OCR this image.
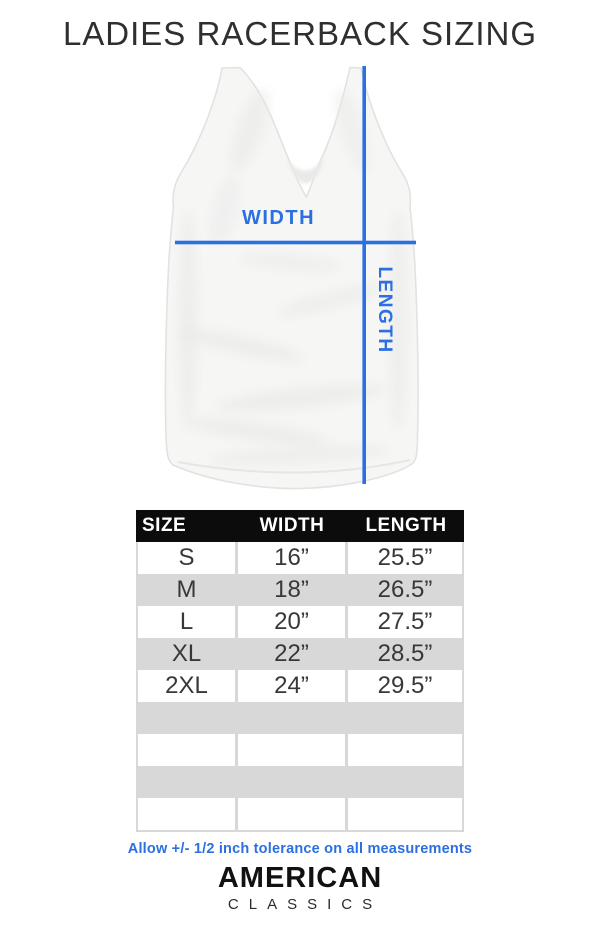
LADIES RACERBACK SIZING
WIDTH
LENGTH
SIZE	WIDTH	LENGTH
S	16”	25.5”
M	18”	26.5”
L	20”	27.5”
XL	22”	28.5”
2XL	24”	29.5”
Allow +/- 1/2 inch tolerance on all measurements
AMERICAN
CLASSICS
